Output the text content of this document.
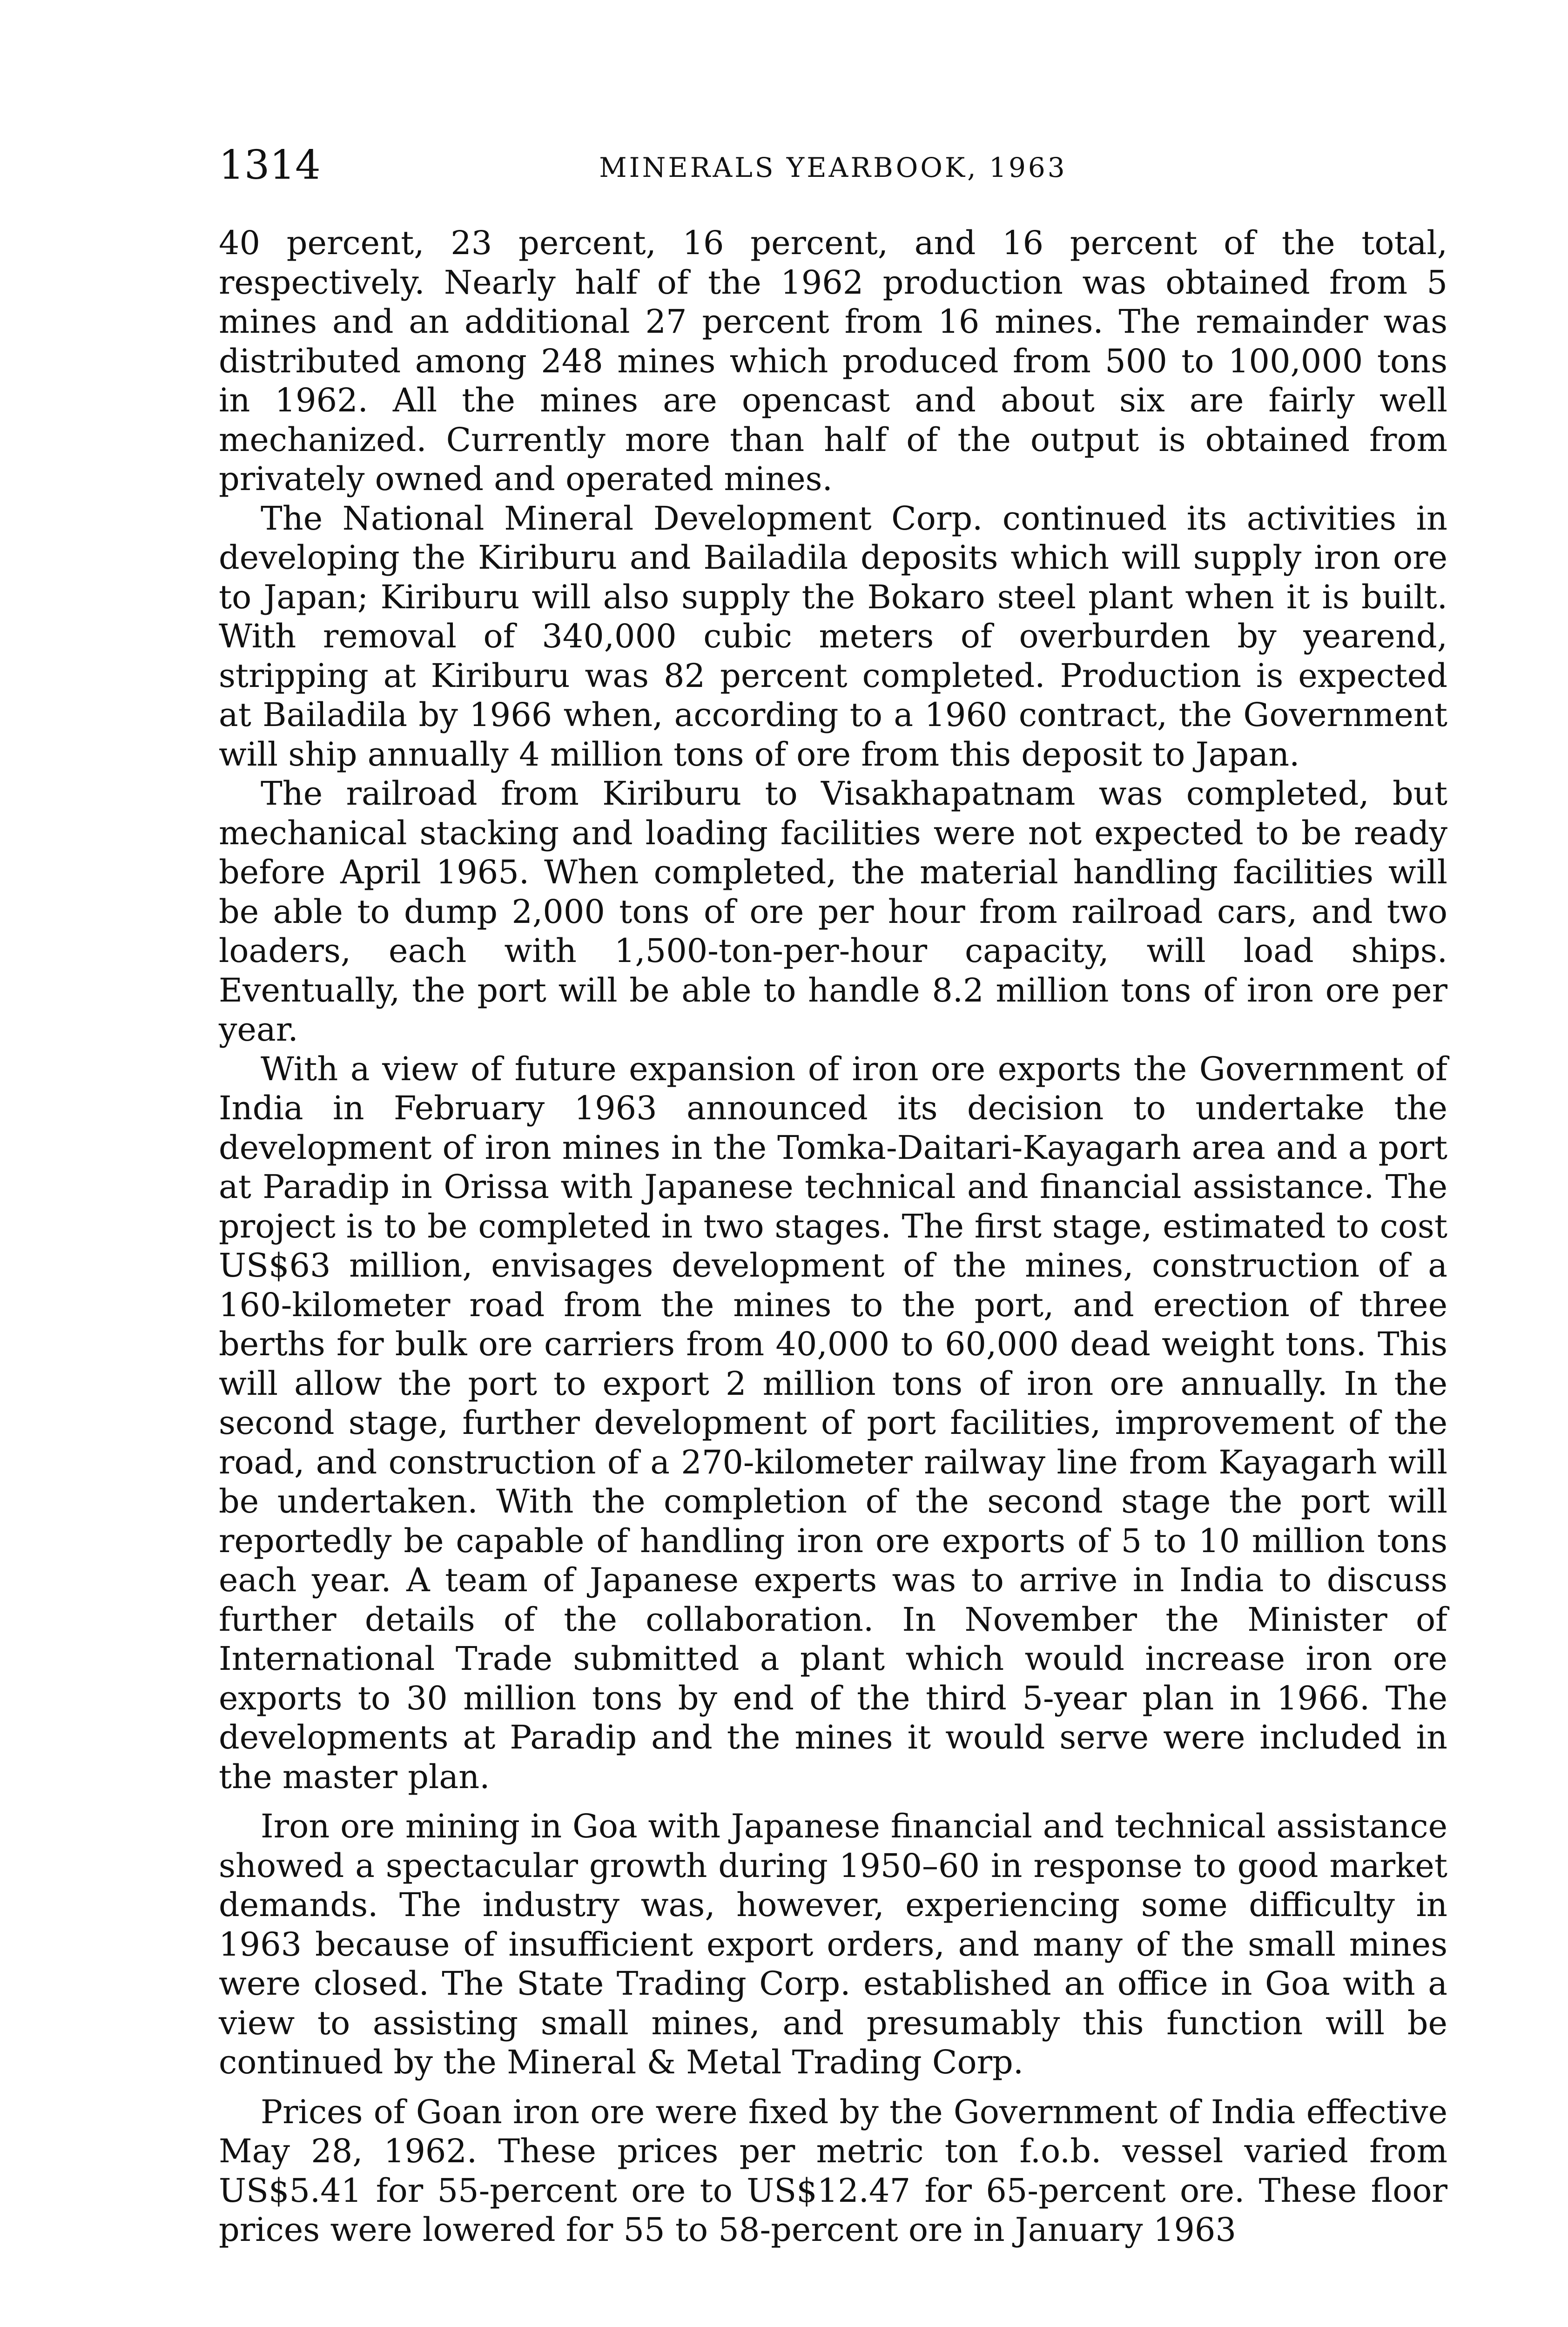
1314	MINERALS YEARBOOK, 1963

40 percent, 23 percent, 16 percent, and 16 percent of the total, respectively. Nearly half of the 1962 production was obtained from 5 mines and an additional 27 percent from 16 mines. The remainder was distributed among 248 mines which produced from 500 to 100,000 tons in 1962. All the mines are opencast and about six are fairly well mechanized. Currently more than half of the output is obtained from privately owned and operated mines.

The National Mineral Development Corp. continued its activities in developing the Kiriburu and Bailadila deposits which will supply iron ore to Japan; Kiriburu will also supply the Bokaro steel plant when it is built. With removal of 340,000 cubic meters of overburden by yearend, stripping at Kiriburu was 82 percent completed. Production is expected at Bailadila by 1966 when, according to a 1960 contract, the Government will ship annually 4 million tons of ore from this deposit to Japan.

The railroad from Kiriburu to Visakhapatnam was completed, but mechanical stacking and loading facilities were not expected to be ready before April 1965. When completed, the material handling facilities will be able to dump 2,000 tons of ore per hour from railroad cars, and two loaders, each with 1,500-ton-per-hour capacity, will load ships. Eventually, the port will be able to handle 8.2 million tons of iron ore per year.

With a view of future expansion of iron ore exports the Government of India in February 1963 announced its decision to undertake the development of iron mines in the Tomka-Daitari-Kayagarh area and a port at Paradip in Orissa with Japanese technical and financial assistance. The project is to be completed in two stages. The first stage, estimated to cost US$63 million, envisages development of the mines, construction of a 160-kilometer road from the mines to the port, and erection of three berths for bulk ore carriers from 40,000 to 60,000 dead weight tons. This will allow the port to export 2 million tons of iron ore annually. In the second stage, further development of port facilities, improvement of the road, and construction of a 270-kilometer railway line from Kayagarh will be undertaken. With the completion of the second stage the port will reportedly be capable of handling iron ore exports of 5 to 10 million tons each year. A team of Japanese experts was to arrive in India to discuss further details of the collaboration. In November the Minister of International Trade submitted a plant which would increase iron ore exports to 30 million tons by end of the third 5-year plan in 1966. The developments at Paradip and the mines it would serve were included in the master plan.

Iron ore mining in Goa with Japanese financial and technical assistance showed a spectacular growth during 1950–60 in response to good market demands. The industry was, however, experiencing some difficulty in 1963 because of insufficient export orders, and many of the small mines were closed. The State Trading Corp. established an office in Goa with a view to assisting small mines, and presumably this function will be continued by the Mineral & Metal Trading Corp.

Prices of Goan iron ore were fixed by the Government of India effective May 28, 1962. These prices per metric ton f.o.b. vessel varied from US$5.41 for 55-percent ore to US$12.47 for 65-percent ore. These floor prices were lowered for 55 to 58-percent ore in January 1963
